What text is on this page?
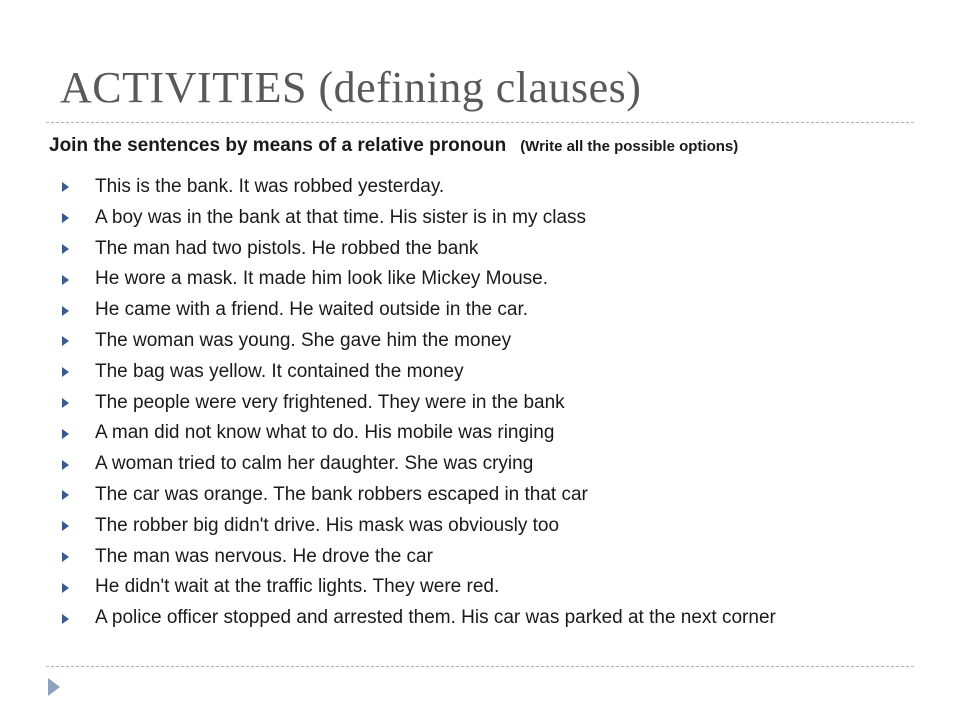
ACTIVITIES (defining clauses)
Join the sentences by means of a relative pronoun (Write all the possible options)
This is the bank. It was robbed yesterday.
A boy was in the bank at that time. His sister is in my class
The man had two pistols. He robbed the bank
He wore a mask. It made him look like Mickey Mouse.
He came with a friend. He waited outside in the car.
The woman was young. She gave him the money
The bag was yellow. It contained the money
The people were very frightened. They were in the bank
A man did not know what to do. His mobile was ringing
A woman tried to calm her daughter. She was crying
The car was orange. The bank robbers escaped in that car
The robber big didn't drive. His mask was obviously too
The man was nervous. He drove the car
He didn't wait at the traffic lights. They were red.
A police officer stopped and arrested them. His car was parked at the next corner
